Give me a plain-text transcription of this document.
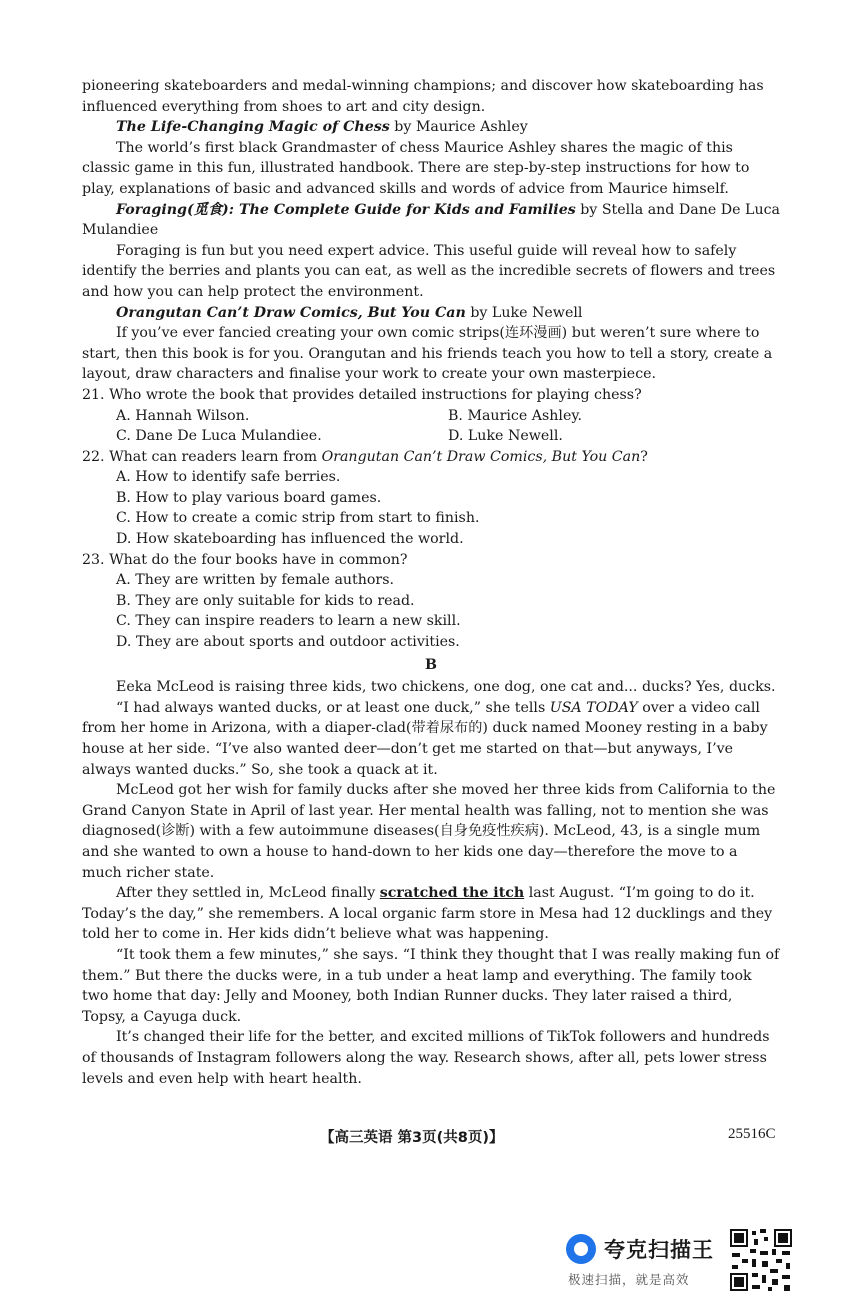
pioneering skateboarders and medal-winning champions; and discover how skateboarding has influenced everything from shoes to art and city design.

The Life-Changing Magic of Chess by Maurice Ashley

The world’s first black Grandmaster of chess Maurice Ashley shares the magic of this classic game in this fun, illustrated handbook. There are step-by-step instructions for how to play, explanations of basic and advanced skills and words of advice from Maurice himself.

Foraging(觅食): The Complete Guide for Kids and Families by Stella and Dane De Luca Mulandiee

Foraging is fun but you need expert advice. This useful guide will reveal how to safely identify the berries and plants you can eat, as well as the incredible secrets of flowers and trees and how you can help protect the environment.

Orangutan Can’t Draw Comics, But You Can by Luke Newell

If you’ve ever fancied creating your own comic strips(连环漫画) but weren’t sure where to start, then this book is for you. Orangutan and his friends teach you how to tell a story, create a layout, draw characters and finalise your work to create your own masterpiece.

21. Who wrote the book that provides detailed instructions for playing chess?

A. Hannah Wilson.	B. Maurice Ashley.
C. Dane De Luca Mulandiee.	D. Luke Newell.

22. What can readers learn from Orangutan Can’t Draw Comics, But You Can?

A. How to identify safe berries.

B. How to play various board games.

C. How to create a comic strip from start to finish.

D. How skateboarding has influenced the world.

23. What do the four books have in common?

A. They are written by female authors.

B. They are only suitable for kids to read.

C. They can inspire readers to learn a new skill.

D. They are about sports and outdoor activities.

B

Eeka McLeod is raising three kids, two chickens, one dog, one cat and... ducks? Yes, ducks.

“I had always wanted ducks, or at least one duck,” she tells USA TODAY over a video call from her home in Arizona, with a diaper-clad(带着尿布的) duck named Mooney resting in a baby house at her side. “I’ve also wanted deer—don’t get me started on that—but anyways, I’ve always wanted ducks.” So, she took a quack at it.

McLeod got her wish for family ducks after she moved her three kids from California to the Grand Canyon State in April of last year. Her mental health was falling, not to mention she was diagnosed(诊断) with a few autoimmune diseases(自身免疫性疾病). McLeod, 43, is a single mum and she wanted to own a house to hand-down to her kids one day—therefore the move to a much richer state.

After they settled in, McLeod finally scratched the itch last August. “I’m going to do it. Today’s the day,” she remembers. A local organic farm store in Mesa had 12 ducklings and they told her to come in. Her kids didn’t believe what was happening.

“It took them a few minutes,” she says. “I think they thought that I was really making fun of them.” But there the ducks were, in a tub under a heat lamp and everything. The family took two home that day: Jelly and Mooney, both Indian Runner ducks. They later raised a third, Topsy, a Cayuga duck.

It’s changed their life for the better, and excited millions of TikTok followers and hundreds of thousands of Instagram followers along the way. Research shows, after all, pets lower stress levels and even help with heart health.

【高三英语 第3页(共8页)】	25516C
夸克扫描王
极速扫描，就是高效
